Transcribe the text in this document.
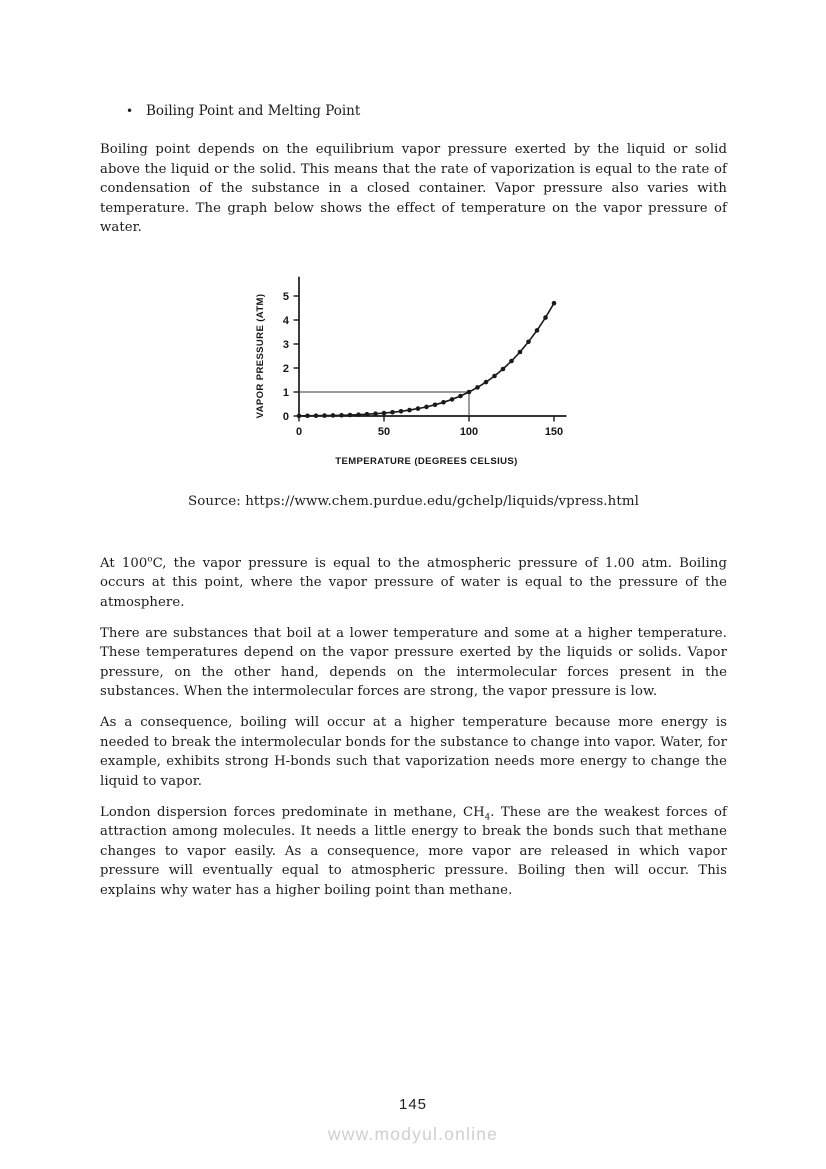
• Boiling Point and Melting Point

Boiling point depends on the equilibrium vapor pressure exerted by the liquid or solid above the liquid or the solid. This means that the rate of vaporization is equal to the rate of condensation of the substance in a closed container. Vapor pressure also varies with temperature. The graph below shows the effect of temperature on the vapor pressure of water.

0
1
2
3
4
5
0	50	100	150
VAPOR PRESSURE (ATM)
TEMPERATURE (DEGREES CELSIUS)

Source: https://www.chem.purdue.edu/gchelp/liquids/vpress.html

At 100$^o$C, the vapor pressure is equal to the atmospheric pressure of 1.00 atm. Boiling occurs at this point, where the vapor pressure of water is equal to the pressure of the atmosphere.

There are substances that boil at a lower temperature and some at a higher temperature. These temperatures depend on the vapor pressure exerted by the liquids or solids. Vapor pressure, on the other hand, depends on the intermolecular forces present in the substances. When the intermolecular forces are strong, the vapor pressure is low.

As a consequence, boiling will occur at a higher temperature because more energy is needed to break the intermolecular bonds for the substance to change into vapor. Water, for example, exhibits strong H-bonds such that vaporization needs more energy to change the liquid to vapor.

London dispersion forces predominate in methane, $CH_4$. These are the weakest forces of attraction among molecules. It needs a little energy to break the bonds such that methane changes to vapor easily. As a consequence, more vapor are released in which vapor pressure will eventually equal to atmospheric pressure. Boiling then will occur. This explains why water has a higher boiling point than methane.

145
www.modyul.online
